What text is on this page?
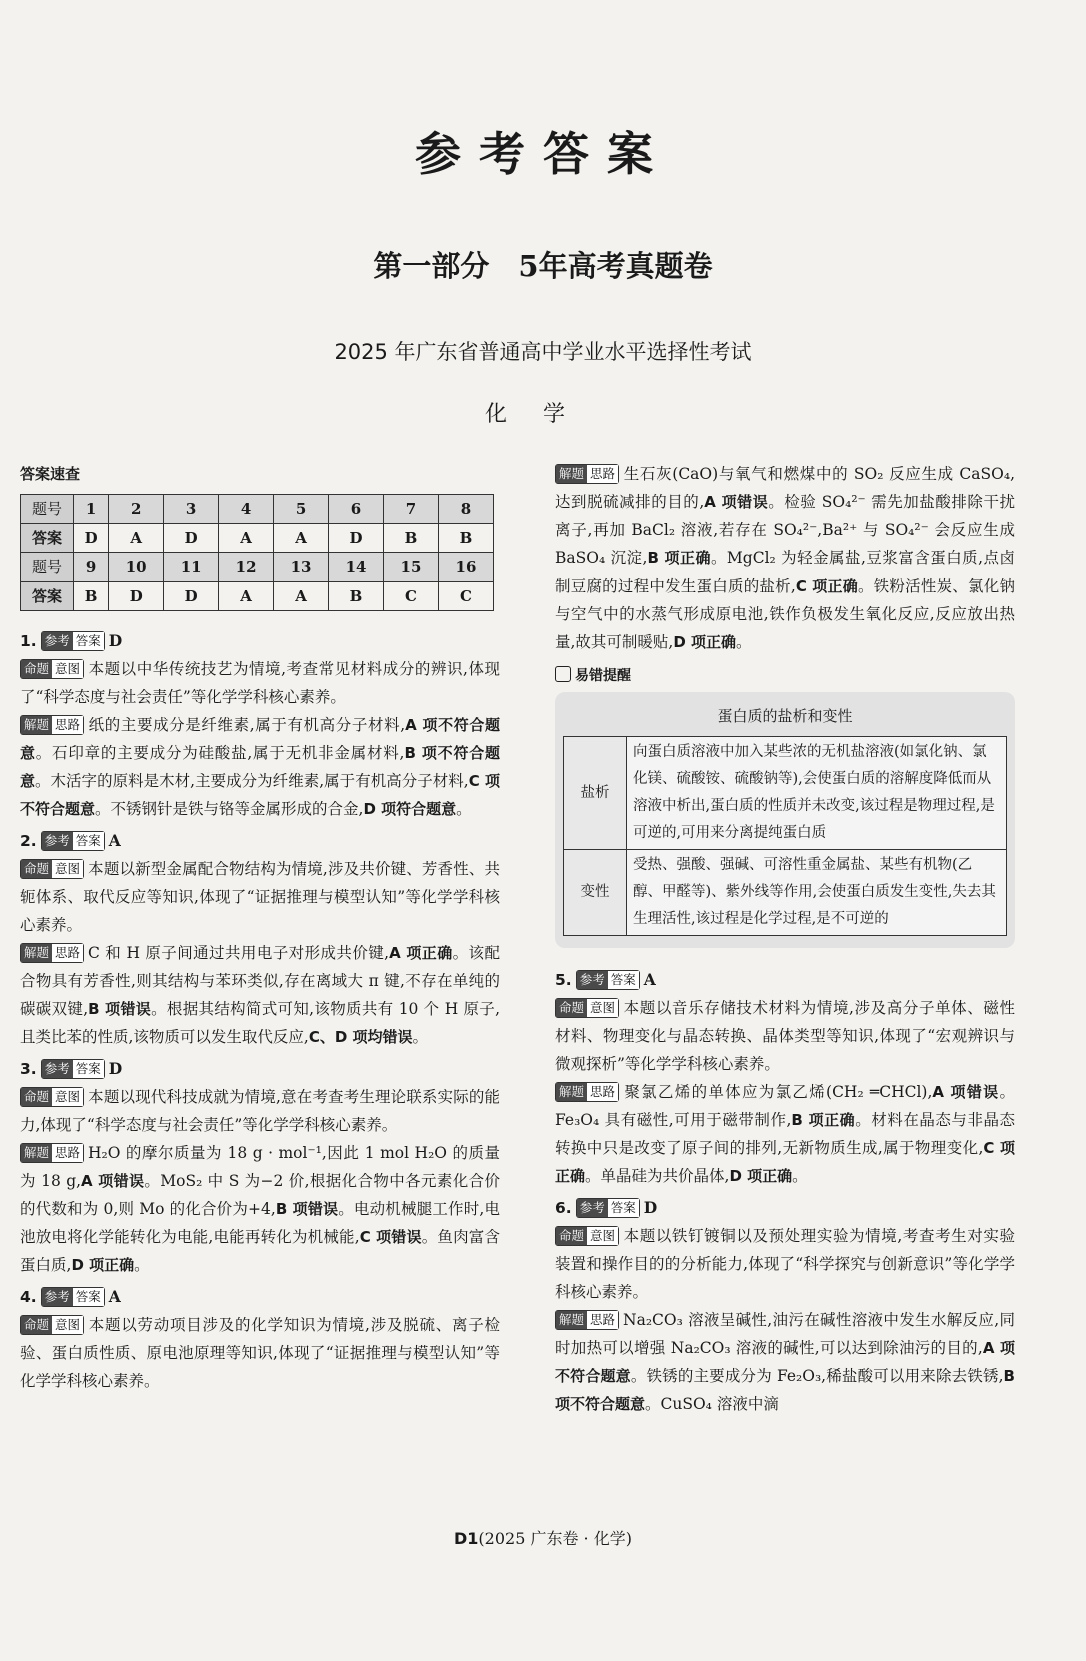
参考答案
第一部分　5年高考真题卷
2025 年广东省普通高中学业水平选择性考试
化学
答案速查
题号	1	2	3	4	5	6	7	8
答案	D	A	D	A	A	D	B	B
题号	9	10	11	12	13	14	15	16
答案	B	D	D	A	A	B	C	C

1. 参考 答案 D

命题 意图 本题以中华传统技艺为情境,考查常见材料成分的辨识,体现了“科学态度与社会责任”等化学学科核心素养。

解题 思路 纸的主要成分是纤维素,属于有机高分子材料,A 项不符合题意。石印章的主要成分为硅酸盐,属于无机非金属材料,B 项不符合题意。木活字的原料是木材,主要成分为纤维素,属于有机高分子材料,C 项不符合题意。不锈钢针是铁与铬等金属形成的合金,D 项符合题意。

2. 参考 答案 A

命题 意图 本题以新型金属配合物结构为情境,涉及共价键、芳香性、共轭体系、取代反应等知识,体现了“证据推理与模型认知”等化学学科核心素养。

解题 思路 C 和 H 原子间通过共用电子对形成共价键,A 项正确。该配合物具有芳香性,则其结构与苯环类似,存在离域大 π 键,不存在单纯的碳碳双键,B 项错误。根据其结构简式可知,该物质共有 10 个 H 原子,且类比苯的性质,该物质可以发生取代反应,C、D 项均错误。

3. 参考 答案 D

命题 意图 本题以现代科技成就为情境,意在考查考生理论联系实际的能力,体现了“科学态度与社会责任”等化学学科核心素养。

解题 思路 H₂O 的摩尔质量为 18 g · mol⁻¹,因此 1 mol H₂O 的质量为 18 g,A 项错误。MoS₂ 中 S 为−2 价,根据化合物中各元素化合价的代数和为 0,则 Mo 的化合价为+4,B 项错误。电动机械腿工作时,电池放电将化学能转化为电能,电能再转化为机械能,C 项错误。鱼肉富含蛋白质,D 项正确。

4. 参考 答案 A

命题 意图 本题以劳动项目涉及的化学知识为情境,涉及脱硫、离子检验、蛋白质性质、原电池原理等知识,体现了“证据推理与模型认知”等化学学科核心素养。

解题 思路 生石灰(CaO)与氧气和燃煤中的 SO₂ 反应生成 CaSO₄,达到脱硫减排的目的,A 项错误。检验 SO₄²⁻ 需先加盐酸排除干扰离子,再加 BaCl₂ 溶液,若存在 SO₄²⁻,Ba²⁺ 与 SO₄²⁻ 会反应生成 BaSO₄ 沉淀,B 项正确。MgCl₂ 为轻金属盐,豆浆富含蛋白质,点卤制豆腐的过程中发生蛋白质的盐析,C 项正确。铁粉活性炭、氯化钠与空气中的水蒸气形成原电池,铁作负极发生氧化反应,反应放出热量,故其可制暖贴,D 项正确。

易错提醒
蛋白质的盐析和变性
盐析	向蛋白质溶液中加入某些浓的无机盐溶液(如氯化钠、氯化镁、硫酸铵、硫酸钠等),会使蛋白质的溶解度降低而从溶液中析出,蛋白质的性质并未改变,该过程是物理过程,是可逆的,可用来分离提纯蛋白质
变性	受热、强酸、强碱、可溶性重金属盐、某些有机物(乙醇、甲醛等)、紫外线等作用,会使蛋白质发生变性,失去其生理活性,该过程是化学过程,是不可逆的

5. 参考 答案 A

命题 意图 本题以音乐存储技术材料为情境,涉及高分子单体、磁性材料、物理变化与晶态转换、晶体类型等知识,体现了“宏观辨识与微观探析”等化学学科核心素养。

解题 思路 聚氯乙烯的单体应为氯乙烯(CH₂ ═CHCl),A 项错误。Fe₃O₄ 具有磁性,可用于磁带制作,B 项正确。材料在晶态与非晶态转换中只是改变了原子间的排列,无新物质生成,属于物理变化,C 项正确。单晶硅为共价晶体,D 项正确。

6. 参考 答案 D

命题 意图 本题以铁钉镀铜以及预处理实验为情境,考查考生对实验装置和操作目的的分析能力,体现了“科学探究与创新意识”等化学学科核心素养。

解题 思路 Na₂CO₃ 溶液呈碱性,油污在碱性溶液中发生水解反应,同时加热可以增强 Na₂CO₃ 溶液的碱性,可以达到除油污的目的,A 项不符合题意。铁锈的主要成分为 Fe₂O₃,稀盐酸可以用来除去铁锈,B 项不符合题意。CuSO₄ 溶液中滴

D1(2025 广东卷 · 化学)
